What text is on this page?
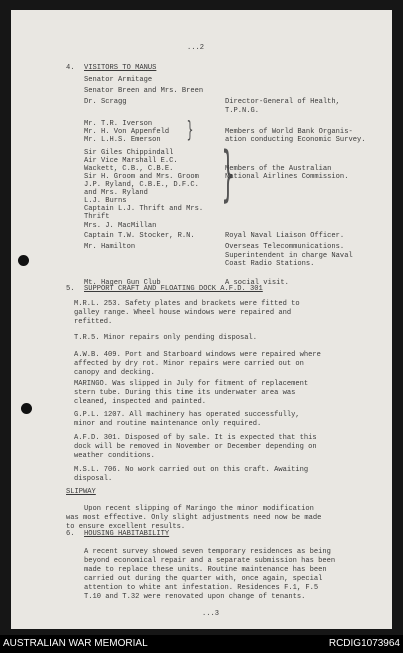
...2
4. VISITORS TO MANUS
}
}
5. SUPPORT CRAFT AND FLOATING DOCK A.F.D. 301
SLIPWAY
6. HOUSING HABITABILITY
...3
Senator Armitage
Senator Breen and Mrs. Breen
Dr. Scragg	Director-General of Health,
T.P.N.G.
Mr. T.R. Iverson
Mr. H. Von Appenfeld	Members of World Bank Organis-
Mr. L.H.S. Emerson	ation conducting Economic Survey.
Sir Giles Chippindall
Air Vice Marshall E.C.
Wackett, C.B., C.B.E.	Members of the Australian
Sir H. Groom and Mrs. Groom	National Airlines Commission.
J.P. Ryland, C.B.E., D.F.C.
and Mrs. Ryland
L.J. Burns
Captain L.J. Thrift and Mrs.
Thrift
Mrs. J. MacMillan
Captain T.W. Stocker, R.N.	Royal Naval Liaison Officer.
Mr. Hamilton	Overseas Telecommunications.
Superintendent in charge Naval
Coast Radio Stations.
Mt. Hagen Gun Club	A social visit.
M.R.L. 253. Safety plates and brackets were fitted to
galley range. Wheel house windows were repaired and
refitted.
T.R.5. Minor repairs only pending disposal.
A.W.B. 409. Port and Starboard windows were repaired where
affected by dry rot. Minor repairs were carried out on
canopy and decking.
MARINGO. Was slipped in July for fitment of replacement
stern tube. During this time its underwater area was
cleaned, inspected and painted.
G.P.L. 1207. All machinery has operated successfully,
minor and routine maintenance only required.
A.F.D. 301. Disposed of by sale. It is expected that this
dock will be removed in November or December depending on
weather conditions.
M.S.L. 706. No work carried out on this craft. Awaiting
disposal.
Upon recent slipping of Maringo the minor modification
was most effective. Only slight adjustments need now be made
to ensure excellent results.
A recent survey showed seven temporary residences as being
beyond economical repair and a separate submission has been
made to replace these units. Routine maintenance has been
carried out during the quarter with, once again, special
attention to white ant infestation. Residences F.1, F.5
T.10 and T.32 were renovated upon change of tenants.
AUSTRALIAN WAR MEMORIAL	RCDIG1073964
